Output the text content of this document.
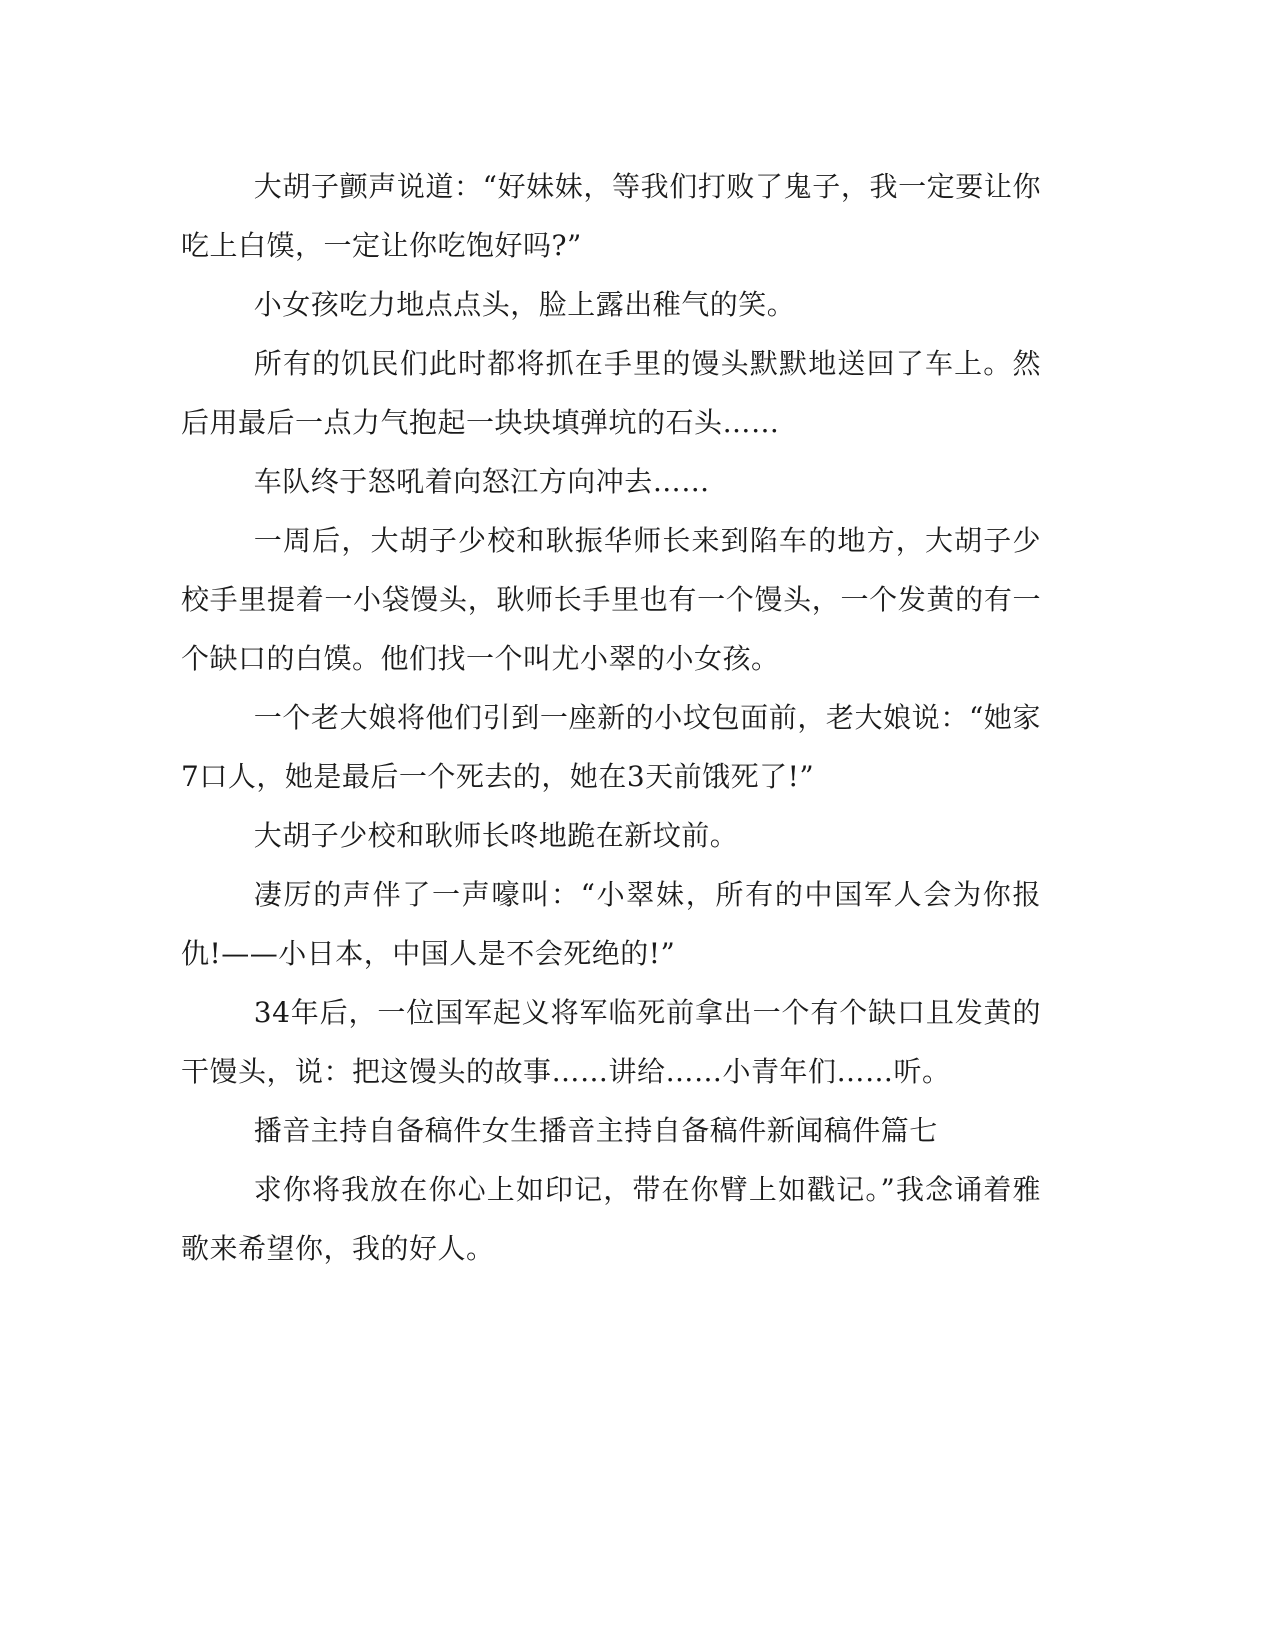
大胡子颤声说道：“好妹妹，等我们打败了鬼子，我一定要让你吃上白馍，一定让你吃饱好吗?”

小女孩吃力地点点头，脸上露出稚气的笑。

所有的饥民们此时都将抓在手里的馒头默默地送回了车上。然后用最后一点力气抱起一块块填弹坑的石头……

车队终于怒吼着向怒江方向冲去……

一周后，大胡子少校和耿振华师长来到陷车的地方，大胡子少校手里提着一小袋馒头，耿师长手里也有一个馒头，一个发黄的有一个缺口的白馍。他们找一个叫尤小翠的小女孩。

一个老大娘将他们引到一座新的小坟包面前，老大娘说：“她家7口人，她是最后一个死去的，她在3天前饿死了!”

大胡子少校和耿师长咚地跪在新坟前。

凄厉的声伴了一声嚎叫：“小翠妹，所有的中国军人会为你报仇!——小日本，中国人是不会死绝的!”

34年后，一位国军起义将军临死前拿出一个有个缺口且发黄的干馒头，说：把这馒头的故事……讲给……小青年们……听。

播音主持自备稿件女生播音主持自备稿件新闻稿件篇七

求你将我放在你心上如印记，带在你臂上如戳记。”我念诵着雅歌来希望你，我的好人。
